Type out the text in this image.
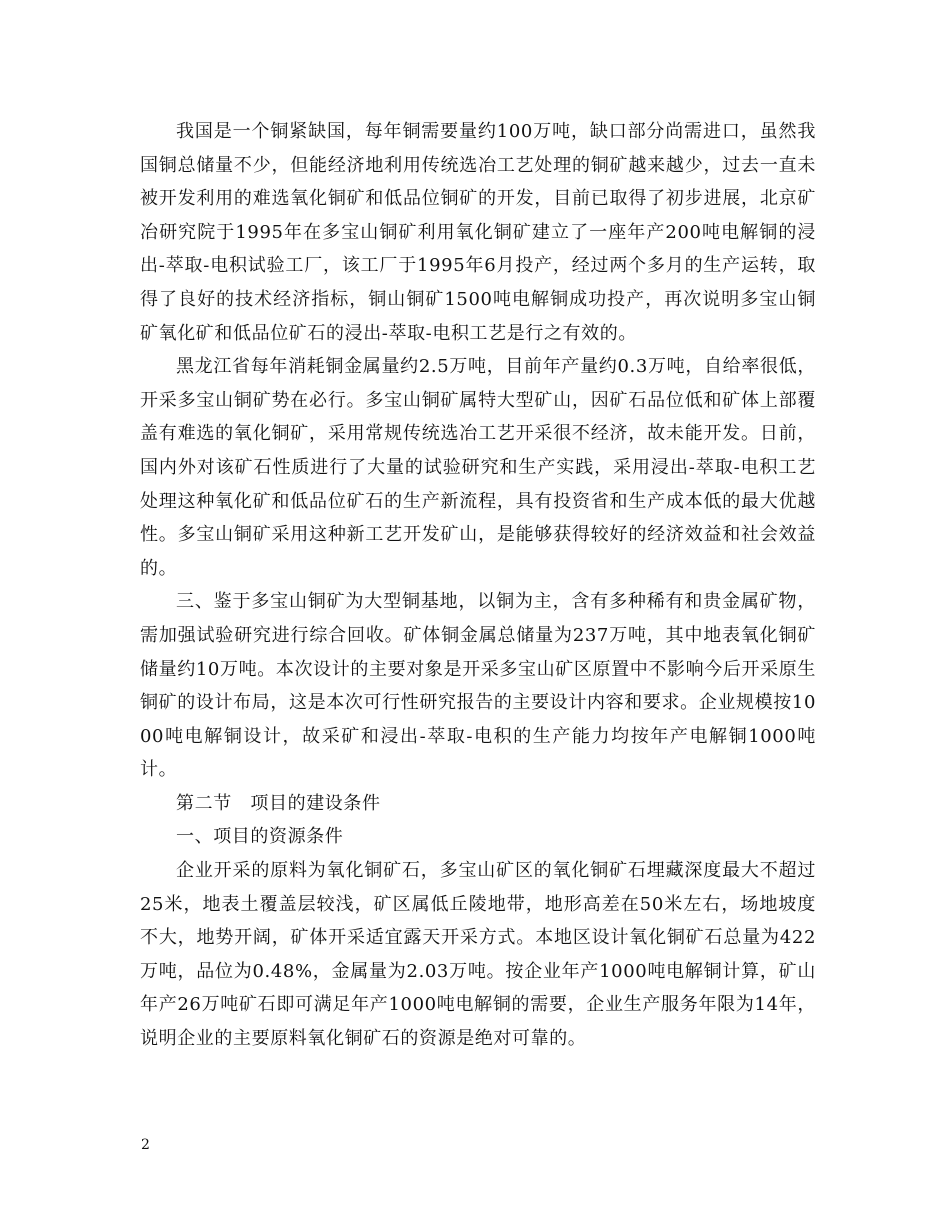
我国是一个铜紧缺国，每年铜需要量约100万吨，缺口部分尚需进口，虽然我国铜总储量不少，但能经济地利用传统选冶工艺处理的铜矿越来越少，过去一直未被开发利用的难选氧化铜矿和低品位铜矿的开发，目前已取得了初步进展，北京矿冶研究院于1995年在多宝山铜矿利用氧化铜矿建立了一座年产200吨电解铜的浸出-萃取-电积试验工厂，该工厂于1995年6月投产，经过两个多月的生产运转，取得了良好的技术经济指标，铜山铜矿1500吨电解铜成功投产，再次说明多宝山铜矿氧化矿和低品位矿石的浸出-萃取-电积工艺是行之有效的。

黑龙江省每年消耗铜金属量约2.5万吨，目前年产量约0.3万吨，自给率很低，开采多宝山铜矿势在必行。多宝山铜矿属特大型矿山，因矿石品位低和矿体上部覆盖有难选的氧化铜矿，采用常规传统选冶工艺开采很不经济，故未能开发。日前，国内外对该矿石性质进行了大量的试验研究和生产实践，采用浸出-萃取-电积工艺处理这种氧化矿和低品位矿石的生产新流程，具有投资省和生产成本低的最大优越性。多宝山铜矿采用这种新工艺开发矿山，是能够获得较好的经济效益和社会效益的。

三、鉴于多宝山铜矿为大型铜基地，以铜为主，含有多种稀有和贵金属矿物，需加强试验研究进行综合回收。矿体铜金属总储量为237万吨，其中地表氧化铜矿储量约10万吨。本次设计的主要对象是开采多宝山矿区原置中不影响今后开采原生铜矿的设计布局，这是本次可行性研究报告的主要设计内容和要求。企业规模按1000吨电解铜设计，故采矿和浸出-萃取-电积的生产能力均按年产电解铜1000吨计。

第二节　项目的建设条件

一、项目的资源条件

企业开采的原料为氧化铜矿石，多宝山矿区的氧化铜矿石埋藏深度最大不超过25米，地表土覆盖层较浅，矿区属低丘陵地带，地形高差在50米左右，场地坡度不大，地势开阔，矿体开采适宜露天开采方式。本地区设计氧化铜矿石总量为422万吨，品位为0.48%，金属量为2.03万吨。按企业年产1000吨电解铜计算，矿山年产26万吨矿石即可满足年产1000吨电解铜的需要，企业生产服务年限为14年，说明企业的主要原料氧化铜矿石的资源是绝对可靠的。

2
